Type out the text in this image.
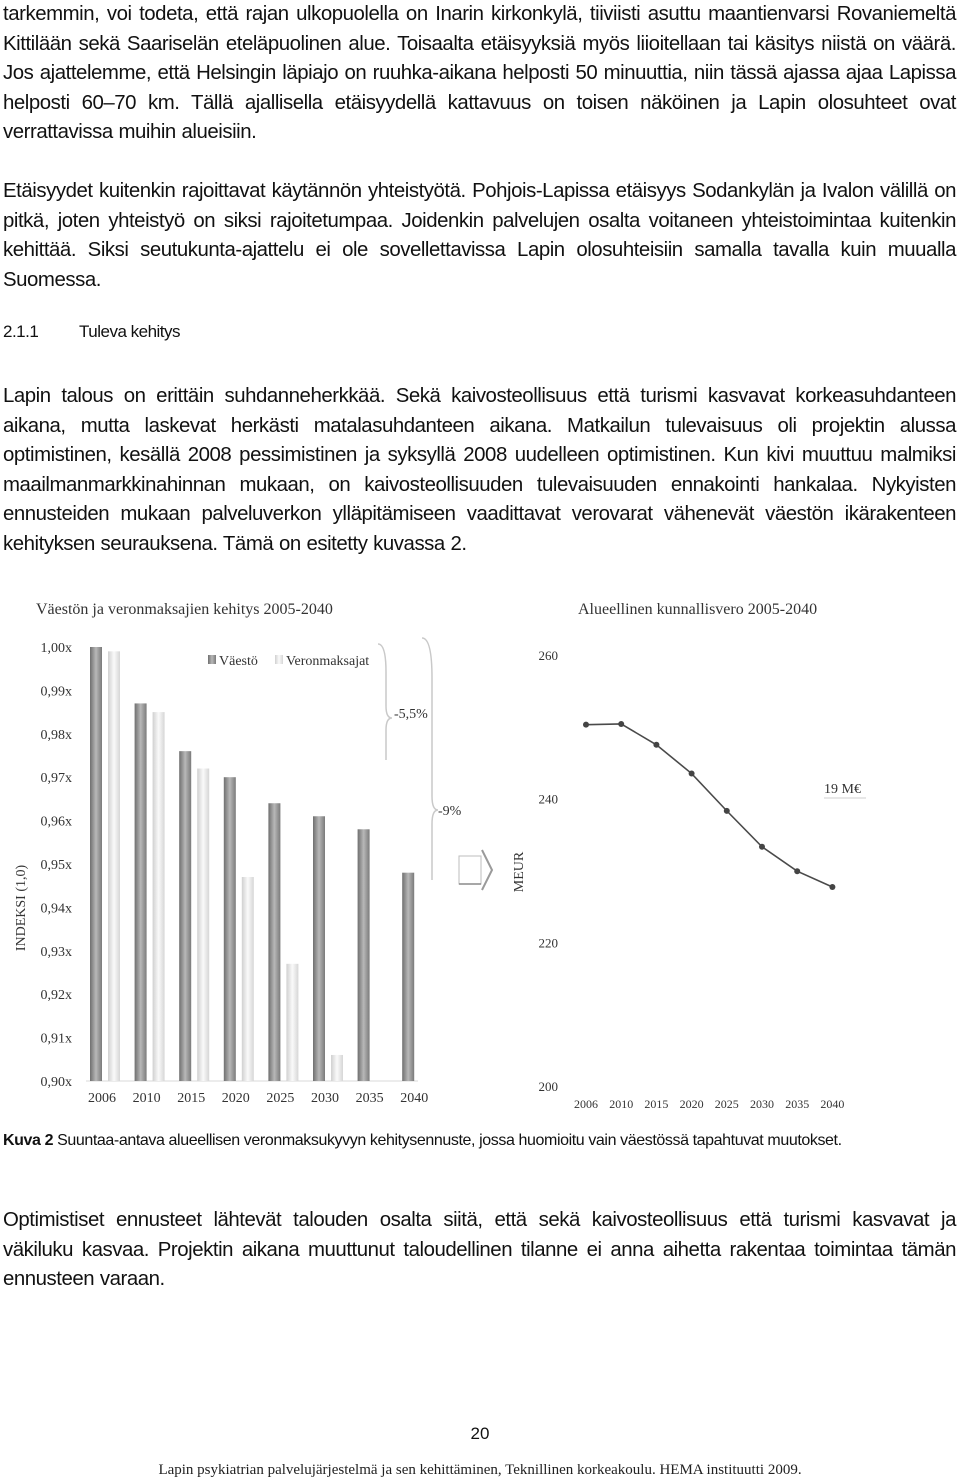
tarkemmin, voi todeta, että rajan ulkopuolella on Inarin kirkonkylä, tiiviisti asuttu maantienvarsi Rovaniemeltä Kittilään sekä Saariselän eteläpuolinen alue. Toisaalta etäisyyksiä myös liioitellaan tai käsitys niistä on väärä. Jos ajattelemme, että Helsingin läpiajo on ruuhka-aikana helposti 50 minuuttia, niin tässä ajassa ajaa Lapissa helposti 60–70 km. Tällä ajallisella etäisyydellä kattavuus on toisen näköinen ja Lapin olosuhteet ovat verrattavissa muihin alueisiin.
Etäisyydet kuitenkin rajoittavat käytännön yhteistyötä. Pohjois-Lapissa etäisyys Sodankylän ja Ivalon välillä on pitkä, joten yhteistyö on siksi rajoitetumpaa. Joidenkin palvelujen osalta voitaneen yhteistoimintaa kuitenkin kehittää. Siksi seutukunta-ajattelu ei ole sovellettavissa Lapin olosuhteisiin samalla tavalla kuin muualla Suomessa.
2.1.1 Tuleva kehitys
Lapin talous on erittäin suhdanneherkkää. Sekä kaivosteollisuus että turismi kasvavat korkeasuhdanteen aikana, mutta laskevat herkästi matalasuhdanteen aikana. Matkailun tulevaisuus oli projektin alussa optimistinen, kesällä 2008 pessimistinen ja syksyllä 2008 uudelleen optimistinen. Kun kivi muuttuu malmiksi maailmanmarkkinahinnan mukaan, on kaivosteollisuuden tulevaisuuden ennakointi hankalaa. Nykyisten ennusteiden mukaan palveluverkon ylläpitämiseen vaadittavat verovarat vähenevät väestön ikärakenteen kehityksen seurauksena. Tämä on esitetty kuvassa 2.
Väestön ja veronmaksajien kehitys 2005-2040
INDEKSI (1,0)
1,00x
0,99x
0,98x
0,97x
0,96x
0,95x
0,94x
0,93x
0,92x
0,91x
0,90x
2006 2010 2015 2020 2025 2030 2035 2040
Väestö Veronmaksajat
-5,5%
-9%
Alueellinen kunnallisvero 2005-2040
MEUR
260
240
220
200
2006 2010 2015 2020 2025 2030 2035 2040
19 M€
Kuva 2 Suuntaa-antava alueellisen veronmaksukyvyn kehitysennuste, jossa huomioitu vain väestössä tapahtuvat muutokset.
Optimistiset ennusteet lähtevät talouden osalta siitä, että sekä kaivosteollisuus että turismi kasvavat ja väkiluku kasvaa. Projektin aikana muuttunut taloudellinen tilanne ei anna aihetta rakentaa toimintaa tämän ennusteen varaan.
20
Lapin psykiatrian palvelujärjestelmä ja sen kehittäminen, Teknillinen korkeakoulu. HEMA instituutti 2009.
